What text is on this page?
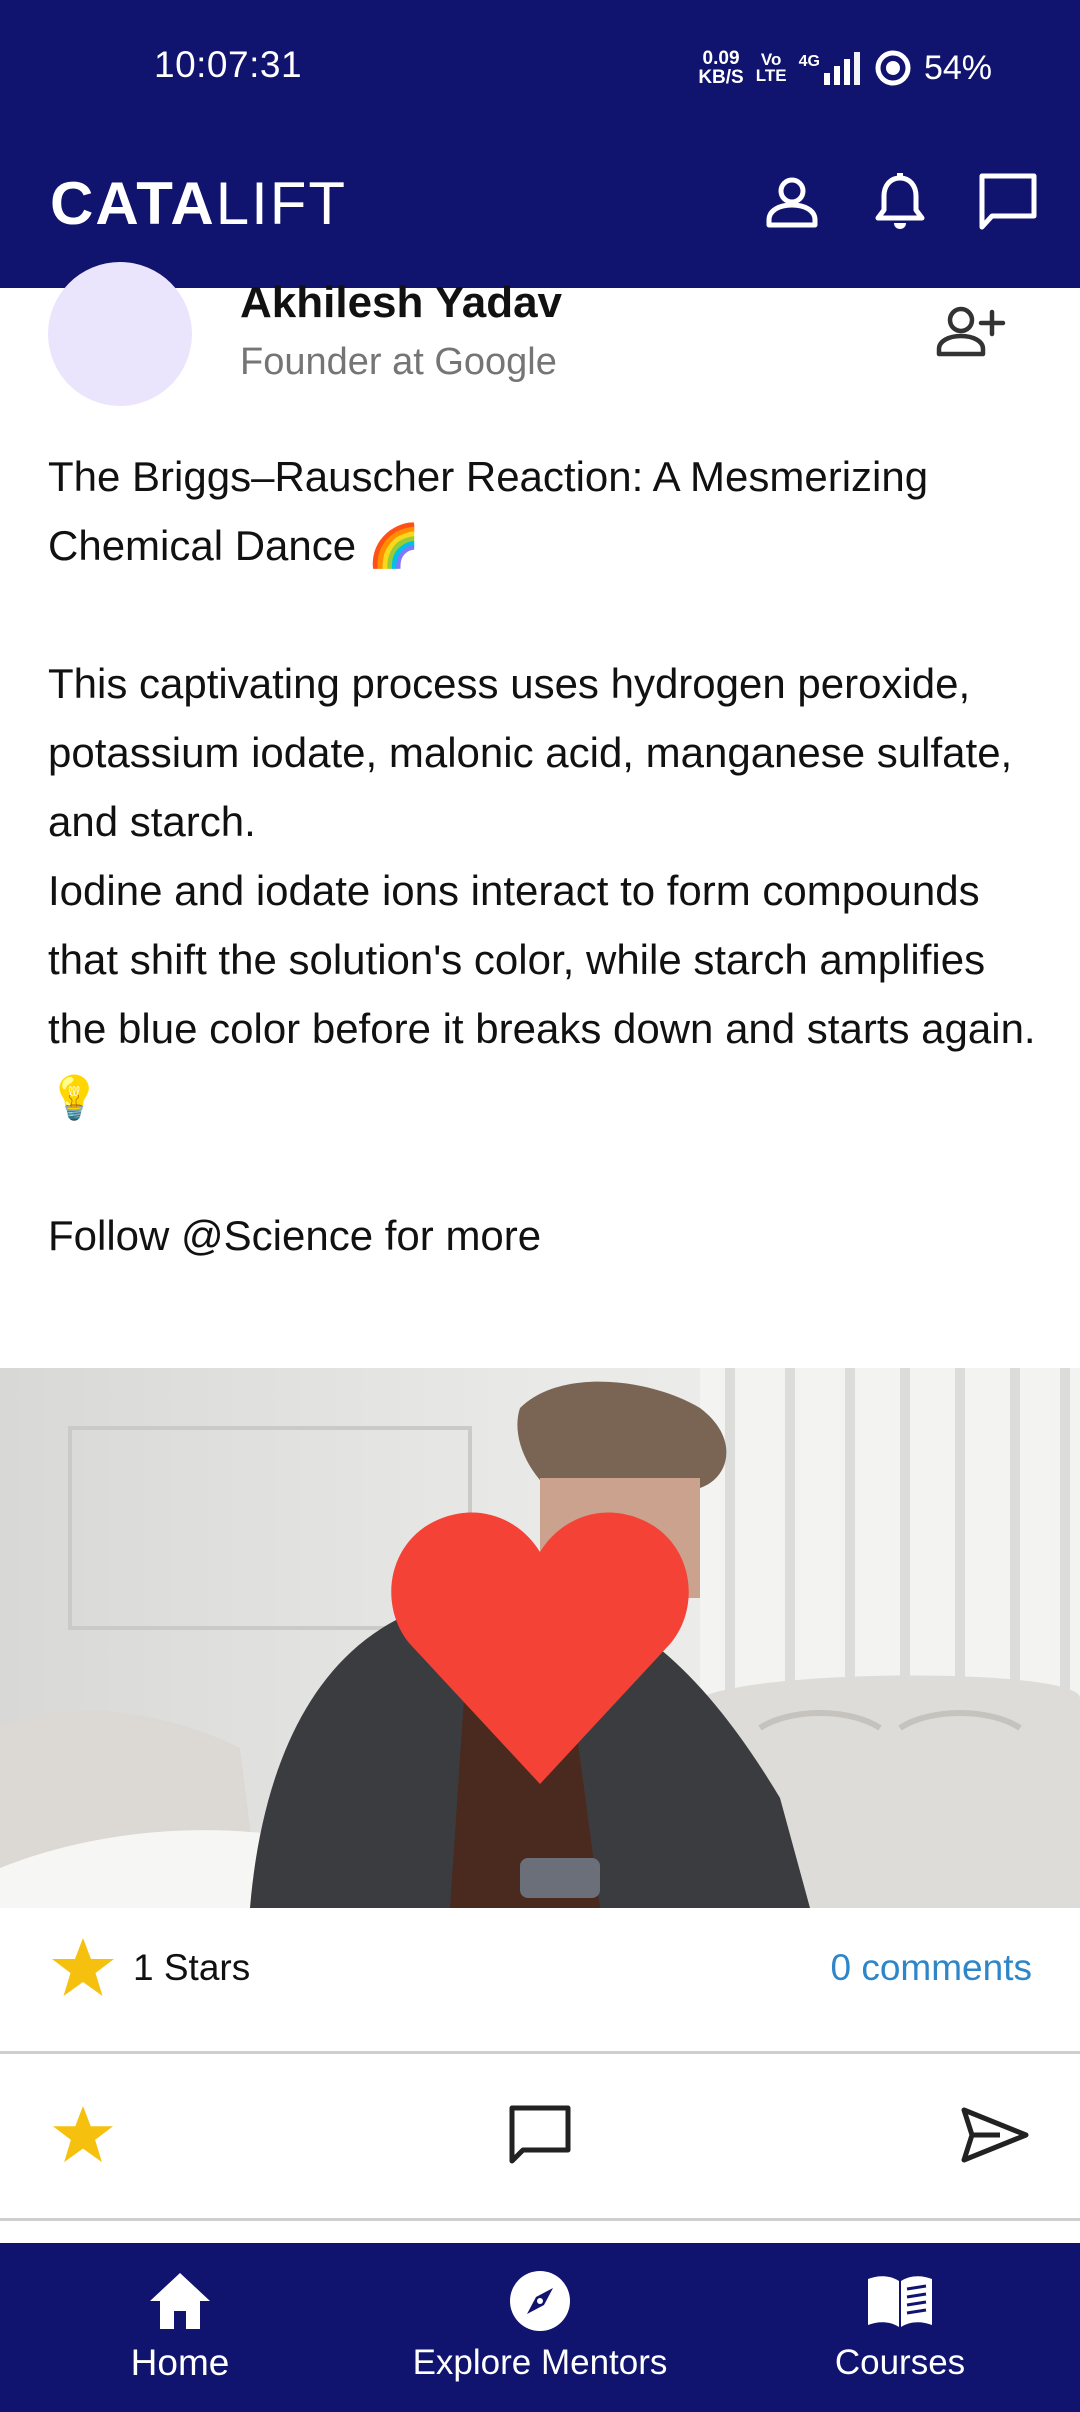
10:07:31	0.09
KB/S
Vo
LTE
4G	54%
CATALIFT
Akhilesh Yadav
Founder at Google

The Briggs–Rauscher Reaction: A Mesmerizing Chemical Dance 🌈

This captivating process uses hydrogen peroxide, potassium iodate, malonic acid, manganese sulfate, and starch.
Iodine and iodate ions interact to form compounds that shift the solution's color, while starch amplifies the blue color before it breaks down and starts again. 💡

Follow @Science for more

1 Stars	0 comments
Home	Explore Mentors	Courses
